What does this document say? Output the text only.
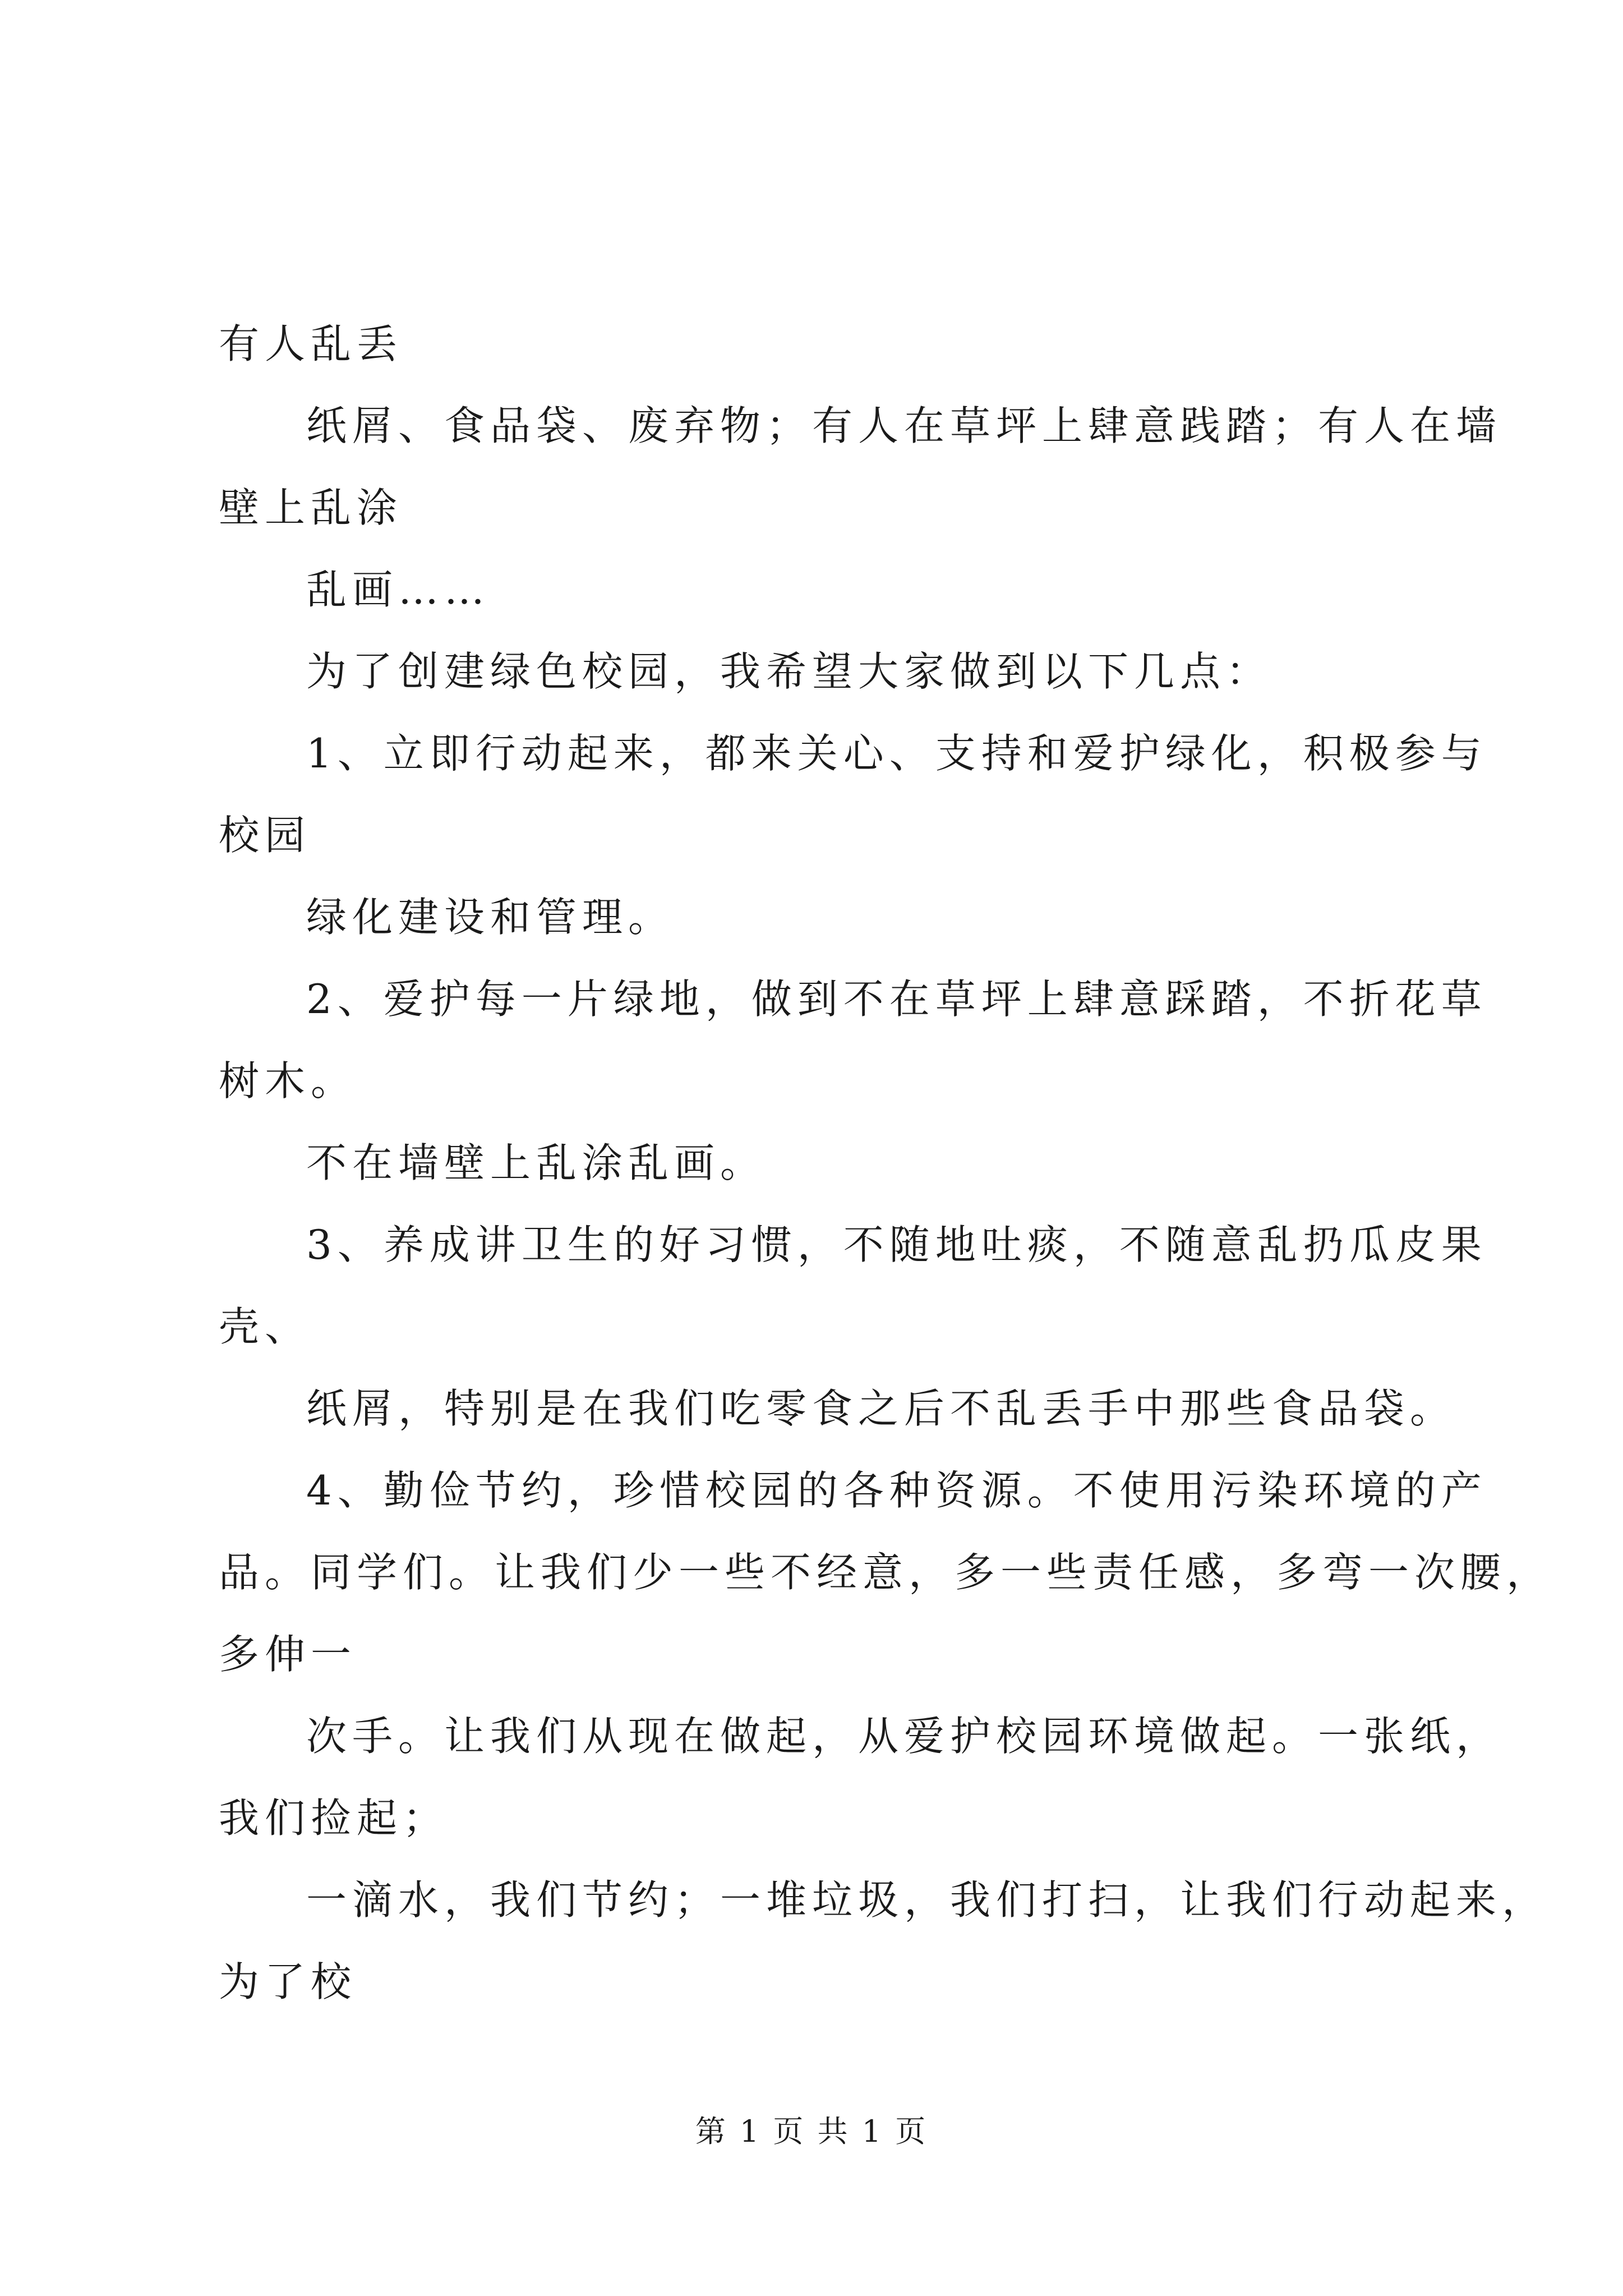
有人乱丢
纸屑、食品袋、废弃物；有人在草坪上肆意践踏；有人在墙
壁上乱涂
乱画……
为了创建绿色校园，我希望大家做到以下几点：
1、立即行动起来，都来关心、支持和爱护绿化，积极参与
校园
绿化建设和管理。
2、爱护每一片绿地，做到不在草坪上肆意踩踏，不折花草
树木。
不在墙壁上乱涂乱画。
3、养成讲卫生的好习惯，不随地吐痰，不随意乱扔瓜皮果
壳、
纸屑，特别是在我们吃零食之后不乱丢手中那些食品袋。
4、勤俭节约，珍惜校园的各种资源。不使用污染环境的产
品。同学们。让我们少一些不经意，多一些责任感，多弯一次腰，
多伸一
次手。让我们从现在做起，从爱护校园环境做起。一张纸，
我们捡起；
一滴水，我们节约；一堆垃圾，我们打扫，让我们行动起来，
为了校
第 1 页 共 1 页
